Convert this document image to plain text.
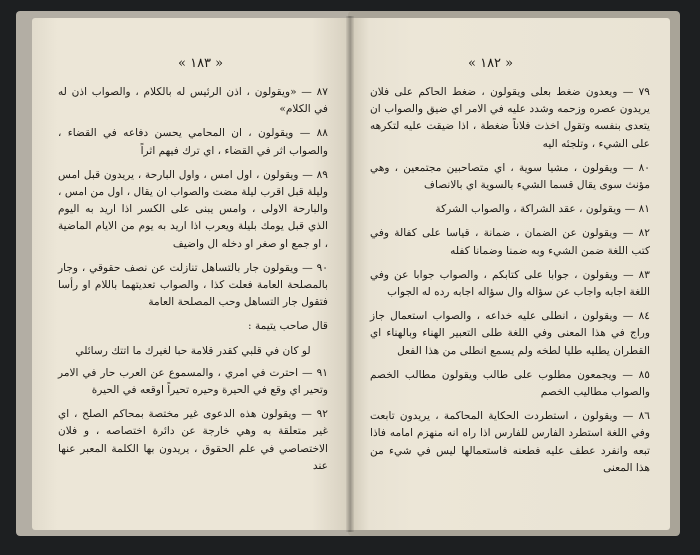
« ١٨٣ »

٨٧ — «ويقولون ، اذن الرئيس له بالكلام ، والصواب اذن له في الكلام»

٨٨ — ويقولون ، ان المحامي يحسن دفاعه في القضاء ، والصواب اثر في القضاء ، اي ترك فيهم اثراً

٨٩ — ويقولون ، اول امس ، واول البارحة ، يريدون قبل امس وليلة قبل اقرب ليلة مضت والصواب ان يقال ، اول من امس ، والبارحة الاولى ، وامس يبنى على الكسر اذا اريد به اليوم الذي قبل يومك بليلة ويعرب اذا اريد به يوم من الايام الماضية ، او جمع او صغر او دخله ال واضيف

٩٠ — ويقولون جار بالتساهل تنازلت عن نصف حقوقي ، وجار بالمصلحة العامة فعلت كذا ، والصواب تعديتهما باللام او رأسا فتقول جار التساهل وحب المصلحة العامة

قال صاحب يتيمة :

لو كان في قلبي كقدر قلامة حبا لغيرك ما اتتك رسائلي

٩١ — احترت في امري ، والمسموع عن العرب حار في الامر وتحير اي وقع في الحيرة وحيره تحيراً اوقعه في الحيرة

٩٢ — ويقولون هذه الدعوى غير مختصة بمحاكم الصلح ، اي غير متعلقة به وهي خارجة عن دائرة اختصاصه ، و فلان الاختصاصي في علم الحقوق ، يريدون بها الكلمة المعبر عنها عند

« ١٨٢ »

٧٩ — ويعدون ضغط بعلى ويقولون ، ضغط الحاكم على فلان يريدون عصره وزحمه وشدد عليه في الامر اي ضيق والصواب ان يتعدى بنفسه وتقول اخذت فلاناً ضغطة ، اذا ضيقت عليه لتكرهه على الشيء ، وتلجئه اليه

٨٠ — ويقولون ، مشيا سوية ، اي متصاحبين مجتمعين ، وهي مؤنث سوى يقال قسما الشيء بالسوية اي بالانصاف

٨١ — ويقولون ، عقد الشراكة ، والصواب الشركة

٨٢ — ويقولون عن الضمان ، ضمانة ، قياسا على كفالة وفي كتب اللغة ضمن الشيء وبه ضمنا وضمانا كفله

٨٣ — ويقولون ، جوابا على كتابكم ، والصواب جوابا عن وفي اللغة اجابه واجاب عن سؤاله وال سؤاله اجابه رده له الجواب

٨٤ — ويقولون ، انطلى عليه خداعه ، والصواب استعمال جاز وراج في هذا المعنى وفي اللغة طلى التعبير الهناء وبالهناء اي القطران يطليه طليا لطخه ولم يسمع انطلى من هذا الفعل

٨٥ — ويجمعون مطلوب على طالب ويقولون مطالب الخصم والصواب مطاليب الخصم

٨٦ — ويقولون ، استطردت الحكاية المحاكمة ، يريدون تابعت وفي اللغة استطرد الفارس للفارس اذا راه انه منهزم امامه فاذا تبعه وانفرد عطف عليه فطعنه فاستعمالها ليس في شيء من هذا المعنى
